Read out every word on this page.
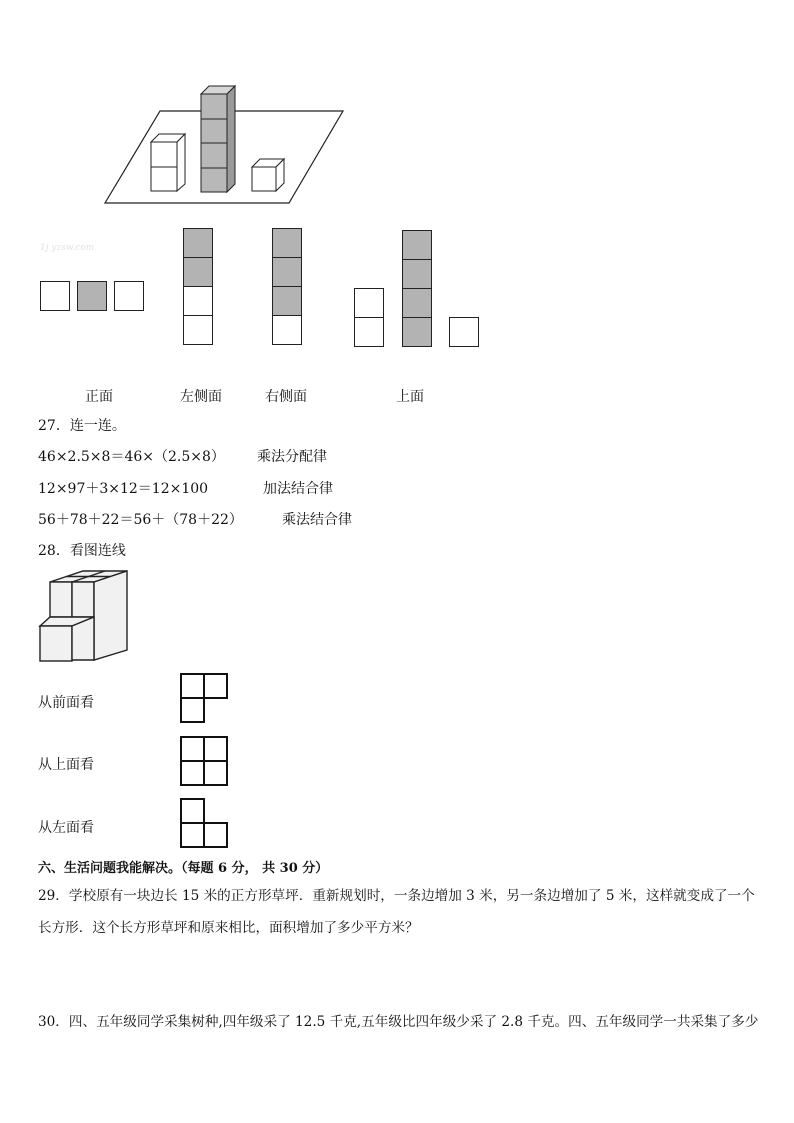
1j yzsw.com
正面	左侧面	右侧面	上面
27．连一连。
46×2.5×8＝46×（2.5×8） 乘法分配律
12×97＋3×12＝12×100	加法结合律
56＋78＋22＝56＋（78＋22）	乘法结合律
28．看图连线
从前面看
从上面看
从左面看
六、生活问题我能解决。（每题 6 分， 共 30 分）
29．学校原有一块边长 15 米的正方形草坪．重新规划时，一条边增加 3 米，另一条边增加了 5 米，这样就变成了一个
长方形．这个长方形草坪和原来相比，面积增加了多少平方米？
30．四、五年级同学采集树种,四年级采了 12.5 千克,五年级比四年级少采了 2.8 千克。四、五年级同学一共采集了多少
